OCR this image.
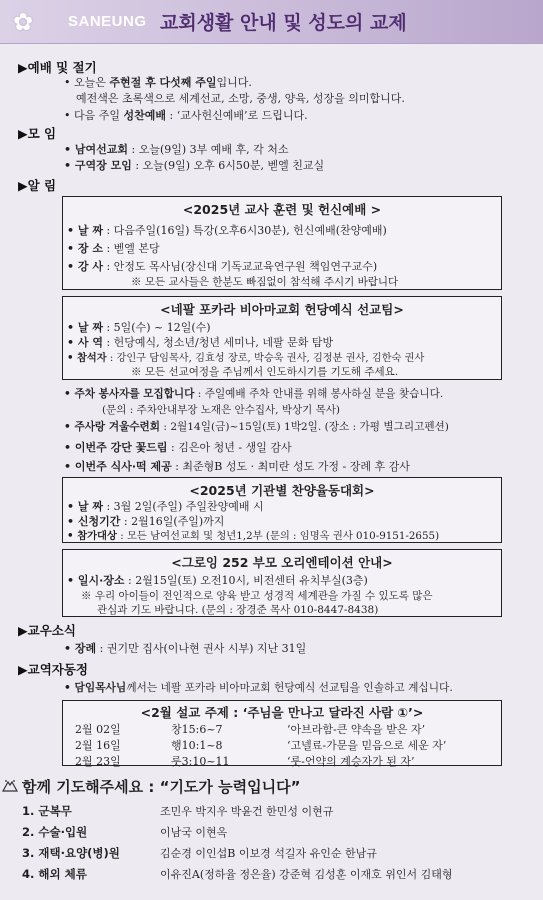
✿	SANEUNG 교회생활 안내 및 성도의 교제
▶예배 및 절기
• 오늘은 주현절 후 다섯째 주일입니다.
예전색은 초록색으로 세계선교, 소망, 중생, 양육, 성장을 의미합니다.
• 다음 주일 성찬예배 : ‘교사헌신예배’로 드립니다.
▶모 임
• 남여선교회 : 오늘(9일) 3부 예배 후, 각 처소
• 구역장 모임 : 오늘(9일) 오후 6시50분, 벧엘 친교실
▶알 림
<2025년 교사 훈련 및 헌신예배 >
• 날 짜 : 다음주일(16일) 특강(오후6시30분), 헌신예배(찬양예배)
• 장 소 : 벧엘 본당
• 강 사 : 안정도 목사님(장신대 기독교교육연구원 책임연구교수)
※ 모든 교사들은 한분도 빠짐없이 참석해 주시기 바랍니다
<네팔 포카라 비아마교회 헌당예식 선교팀>
• 날 짜 : 5일(수) ~ 12일(수)
• 사 역 : 헌당예식, 청소년/청년 세미나, 네팔 문화 탐방
• 참석자 : 강인구 담임목사, 김효성 장로, 박승욱 권사, 김정분 권사, 김한숙 권사
※ 모든 선교여정을 주님께서 인도하시기를 기도해 주세요.
• 주차 봉사자를 모집합니다 : 주일예배 주차 안내를 위해 봉사하실 분을 찾습니다.
(문의 : 주차안내부장 노재은 안수집사, 박상기 목사)
• 주사랑 겨울수련회 : 2월14일(금)~15일(토) 1박2일. (장소 : 가평 별그리고펜션)
• 이번주 강단 꽃드림 : 김은아 청년 - 생일 감사
• 이번주 식사·떡 제공 : 최준형B 성도 · 최미란 성도 가정 - 장례 후 감사
<2025년 기관별 찬양율동대회>
• 날 짜 : 3월 2일(주일) 주일찬양예배 시
• 신청기간 : 2월16일(주일)까지
• 참가대상 : 모든 남여선교회 및 청년1,2부 (문의 : 임명옥 권사 010-9151-2655)
<그로잉 252 부모 오리엔테이션 안내>
• 일시·장소 : 2월15일(토) 오전10시, 비전센터 유치부실(3층)
※ 우리 아이들이 전인적으로 양육 받고 성경적 세계관을 가질 수 있도록 많은
관심과 기도 바랍니다. (문의 : 장경준 목사 010-8447-8438)
▶교우소식
• 장례 : 권기만 집사(이나현 권사 시부) 지난 31일
▶교역자동정
• 담임목사님께서는 네팔 포카라 비아마교회 헌당예식 선교팀을 인솔하고 계십니다.
<2월 설교 주제 : ‘주님을 만나고 달라진 사람 ①’>
2월 02일	창15:6~7	‘아브라함-큰 약속을 받은 자’
2월 16일	행10:1~8	‘고넬료-가문을 믿음으로 세운 자’
2월 23일	룻3:10~11	‘룻-언약의 계승자가 된 자’
함께 기도해주세요 : “기도가 능력입니다”
1. 군복무	조민우 박지우 박윤건 한민성 이현규
2. 수술·입원	이남국 이현옥
3. 재택·요양(병)원	김순경 이인섭B 이보경 석길자 유인순 한남규
4. 해외 체류	이유진A(정하율 정은율) 강준혁 김성훈 이재호 위인서 김태형
